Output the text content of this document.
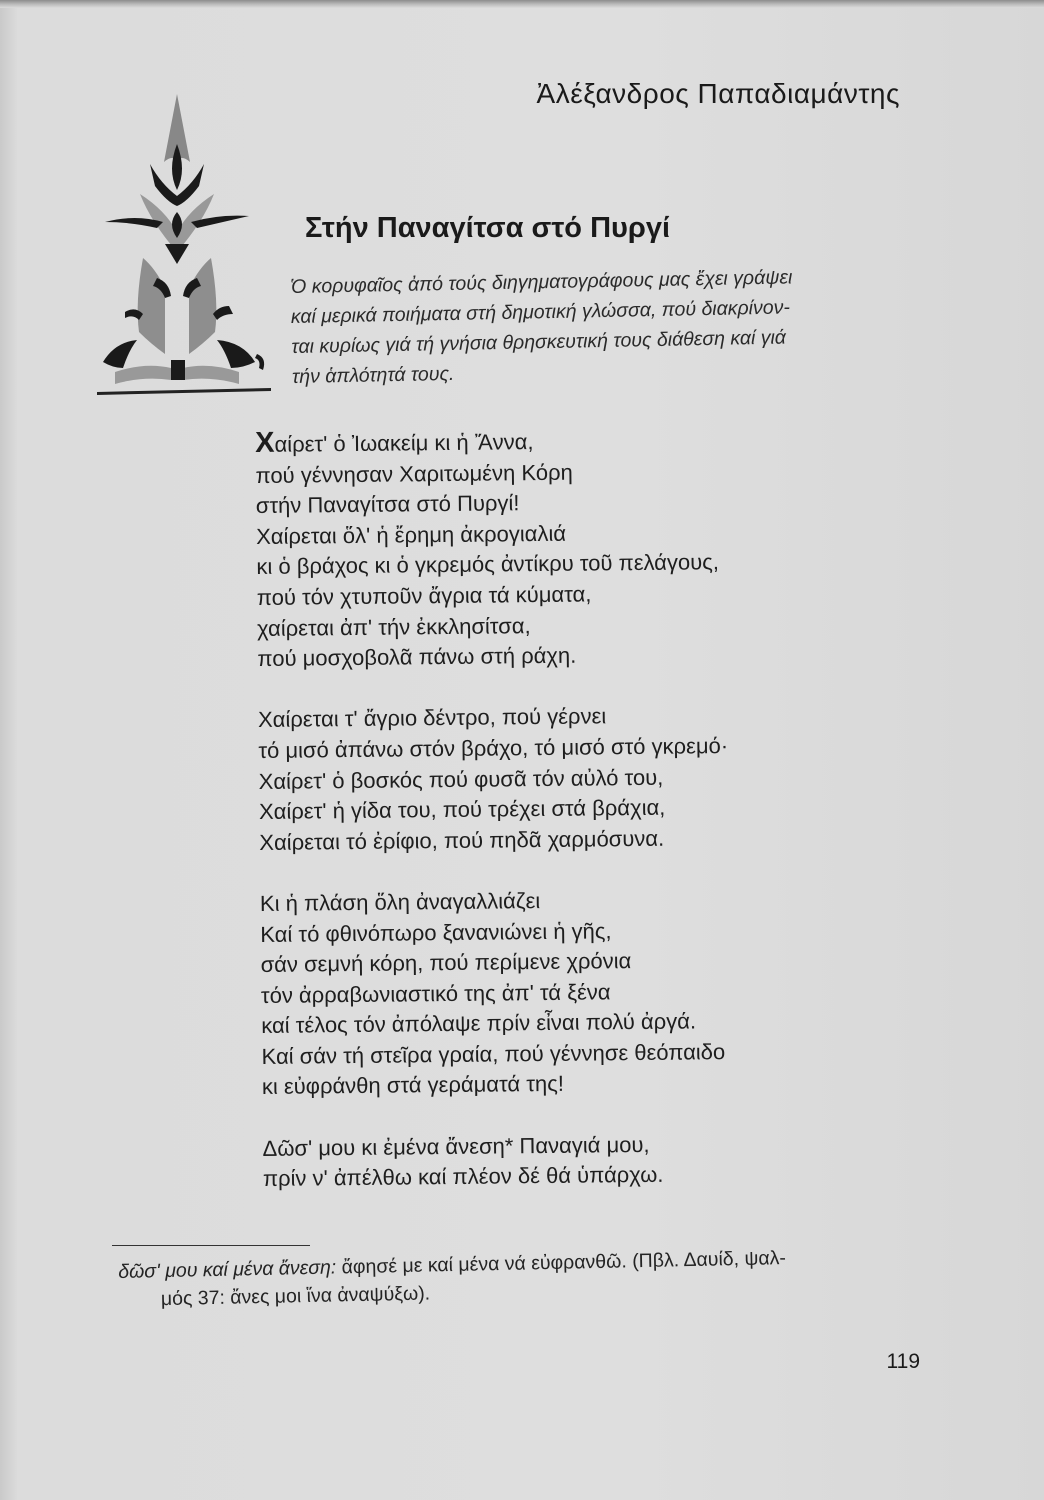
Ἀλέξανδρος Παπαδιαμάντης
Στήν Παναγίτσα στό Πυργί
Ὁ κορυφαῖος ἀπό τούς διηγηματογράφους μας ἔχει γράψει
καί μερικά ποιήματα στή δημοτική γλώσσα, πού διακρίνον-
ται κυρίως γιά τή γνήσια θρησκευτική τους διάθεση καί γιά
τήν ἁπλότητά τους.
Χαίρετ' ὁ Ἰωακείμ κι ἡ Ἄννα,
πού γέννησαν Χαριτωμένη Κόρη
στήν Παναγίτσα στό Πυργί!
Χαίρεται ὅλ' ἡ ἔρημη ἀκρογιαλιά
κι ὁ βράχος κι ὁ γκρεμός ἀντίκρυ τοῦ πελάγους,
πού τόν χτυποῦν ἄγρια τά κύματα,
χαίρεται ἀπ' τήν ἐκκλησίτσα,
πού μοσχοβολᾶ πάνω στή ράχη.
Χαίρεται τ' ἄγριο δέντρο, πού γέρνει
τό μισό ἀπάνω στόν βράχο, τό μισό στό γκρεμό·
Χαίρετ' ὁ βοσκός πού φυσᾶ τόν αὐλό του,
Χαίρετ' ἡ γίδα του, πού τρέχει στά βράχια,
Χαίρεται τό ἐρίφιο, πού πηδᾶ χαρμόσυνα.
Κι ἡ πλάση ὅλη ἀναγαλλιάζει
Καί τό φθινόπωρο ξανανιώνει ἡ γῆς,
σάν σεμνή κόρη, πού περίμενε χρόνια
τόν ἀρραβωνιαστικό της ἀπ' τά ξένα
καί τέλος τόν ἀπόλαψε πρίν εἶναι πολύ ἀργά.
Καί σάν τή στεῖρα γραία, πού γέννησε θεόπαιδο
κι εὐφράνθη στά γεράματά της!
Δῶσ' μου κι ἐμένα ἄνεση* Παναγιά μου,
πρίν ν' ἀπέλθω καί πλέον δέ θά ὑπάρχω.
δῶσ' μου καί μένα ἄνεση: ἄφησέ με καί μένα νά εὐφρανθῶ. (Πβλ. Δαυίδ, ψαλ-
μός 37: ἄνες μοι ἵνα ἀναψύξω).
119
